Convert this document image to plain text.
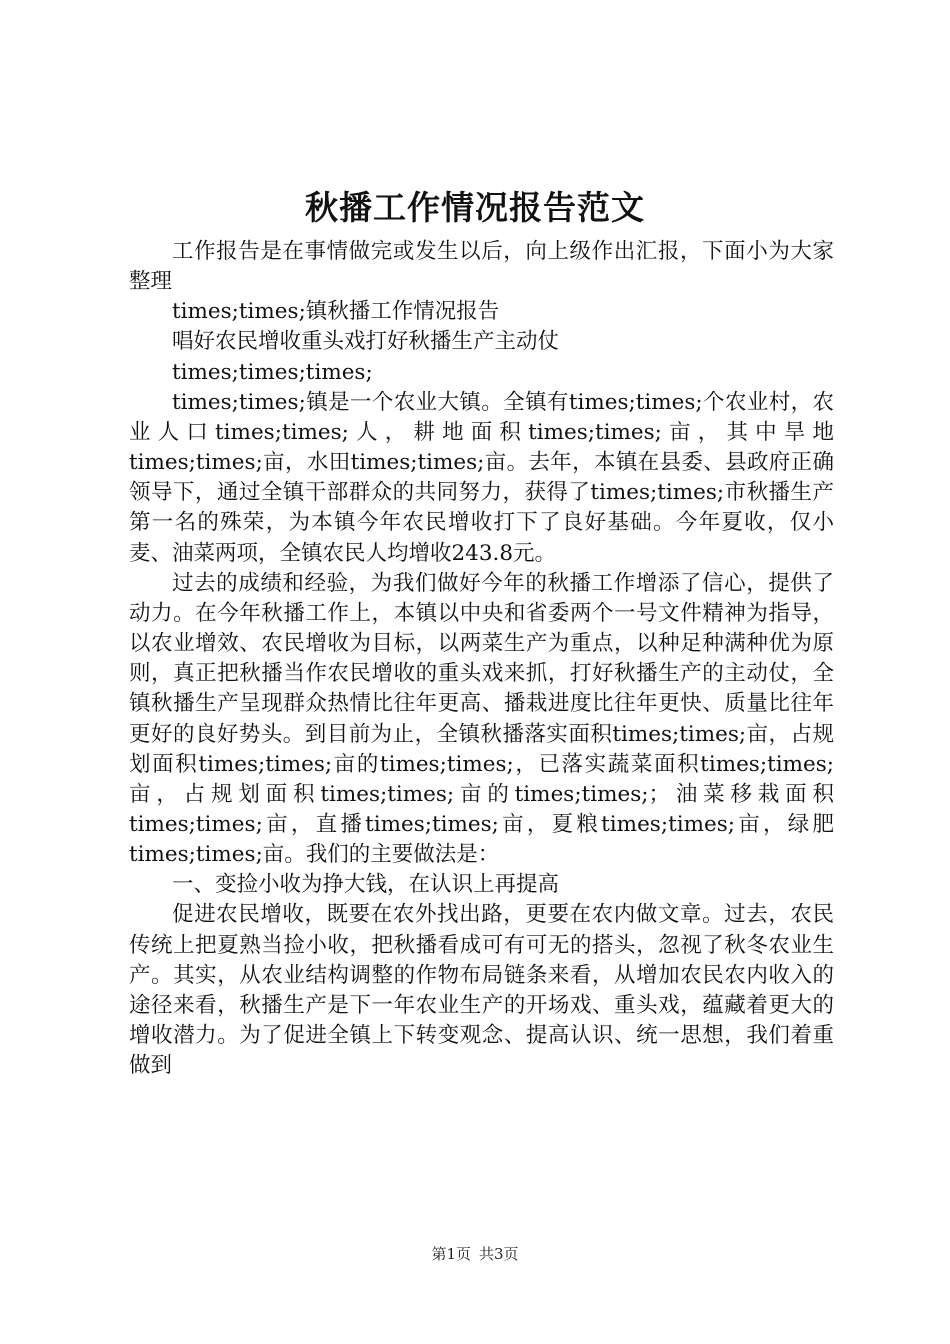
秋播工作情况报告范文

工作报告是在事情做完或发生以后，向上级作出汇报，下面小为大家整理

times;times;镇秋播工作情况报告

唱好农民增收重头戏打好秋播生产主动仗

times;times;times;

times;times;镇是一个农业大镇。全镇有times;times;个农业村，农业人口times;times;人，耕地面积times;times;亩，其中旱地times;times;亩，水田times;times;亩。去年，本镇在县委、县政府正确领导下，通过全镇干部群众的共同努力，获得了times;times;市秋播生产第一名的殊荣，为本镇今年农民增收打下了良好基础。今年夏收，仅小麦、油菜两项，全镇农民人均增收243.8元。

过去的成绩和经验，为我们做好今年的秋播工作增添了信心，提供了动力。在今年秋播工作上，本镇以中央和省委两个一号文件精神为指导，以农业增效、农民增收为目标，以两菜生产为重点，以种足种满种优为原则，真正把秋播当作农民增收的重头戏来抓，打好秋播生产的主动仗，全镇秋播生产呈现群众热情比往年更高、播栽进度比往年更快、质量比往年更好的良好势头。到目前为止，全镇秋播落实面积times;times;亩，占规划面积times;times;亩的times;times;，已落实蔬菜面积times;times;亩，占规划面积times;times;亩的times;times;；油菜移栽面积times;times;亩，直播times;times;亩，夏粮times;times;亩，绿肥times;times;亩。我们的主要做法是：

一、变捡小收为挣大钱，在认识上再提高

促进农民增收，既要在农外找出路，更要在农内做文章。过去，农民传统上把夏熟当捡小收，把秋播看成可有可无的搭头，忽视了秋冬农业生产。其实，从农业结构调整的作物布局链条来看，从增加农民农内收入的途径来看，秋播生产是下一年农业生产的开场戏、重头戏，蕴藏着更大的增收潜力。为了促进全镇上下转变观念、提高认识、统一思想，我们着重做到

第1页 共3页
